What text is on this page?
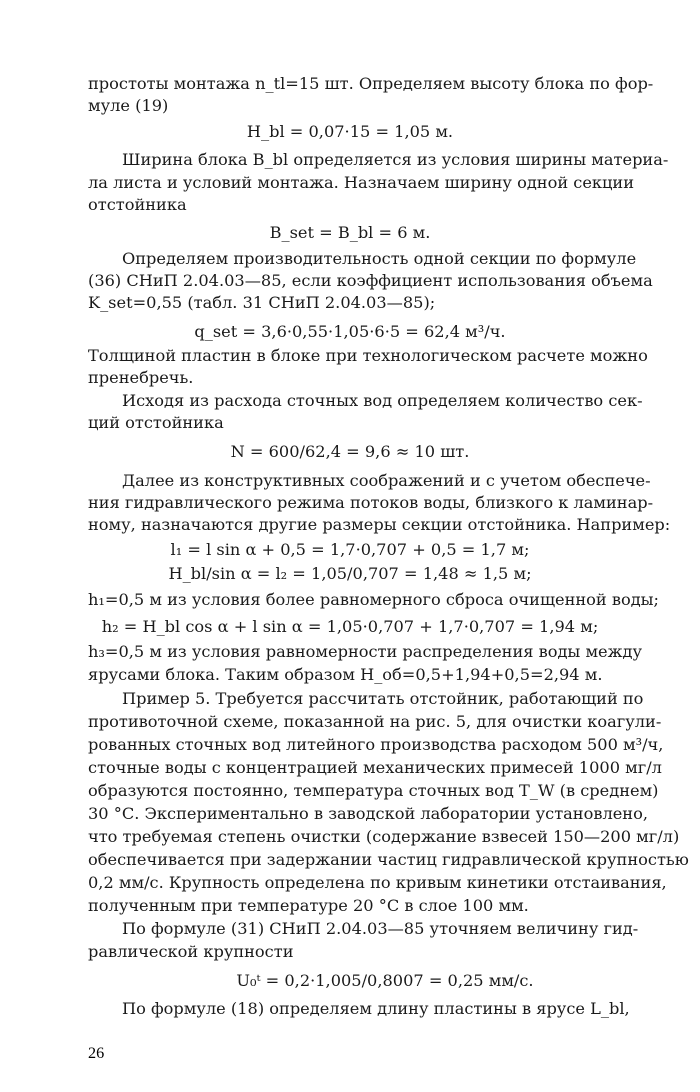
простоты монтажа n_tl=15 шт. Определяем высоту блока по фор-
муле (19)
H_bl = 0,07·15 = 1,05 м.
Ширина блока B_bl определяется из условия ширины материа-
ла листа и условий монтажа. Назначаем ширину одной секции
отстойника
B_set = B_bl = 6 м.
Определяем производительность одной секции по формуле
(36) СНиП 2.04.03—85, если коэффициент использования объема
K_set=0,55 (табл. 31 СНиП 2.04.03—85);
q_set = 3,6·0,55·1,05·6·5 = 62,4 м³/ч.
Толщиной пластин в блоке при технологическом расчете можно
пренебречь.
Исходя из расхода сточных вод определяем количество сек-
ций отстойника
N = 600/62,4 = 9,6 ≈ 10 шт.
Далее из конструктивных соображений и с учетом обеспече-
ния гидравлического режима потоков воды, близкого к ламинар-
ному, назначаются другие размеры секции отстойника. Например:
l₁ = l sin α + 0,5 = 1,7·0,707 + 0,5 = 1,7 м;
H_bl/sin α = l₂ = 1,05/0,707 = 1,48 ≈ 1,5 м;
h₁=0,5 м из условия более равномерного сброса очищенной воды;
h₂ = H_bl cos α + l sin α = 1,05·0,707 + 1,7·0,707 = 1,94 м;
h₃=0,5 м из условия равномерности распределения воды между
ярусами блока. Таким образом H_об=0,5+1,94+0,5=2,94 м.
Пример 5. Требуется рассчитать отстойник, работающий по
противоточной схеме, показанной на рис. 5, для очистки коагули-
рованных сточных вод литейного производства расходом 500 м³/ч,
сточные воды с концентрацией механических примесей 1000 мг/л
образуются постоянно, температура сточных вод T_W (в среднем)
30 °С. Экспериментально в заводской лаборатории установлено,
что требуемая степень очистки (содержание взвесей 150—200 мг/л)
обеспечивается при задержании частиц гидравлической крупностью
0,2 мм/с. Крупность определена по кривым кинетики отстаивания,
полученным при температуре 20 °С в слое 100 мм.
По формуле (31) СНиП 2.04.03—85 уточняем величину гид-
равлической крупности
U₀ᵗ = 0,2·1,005/0,8007 = 0,25 мм/с.
По формуле (18) определяем длину пластины в ярусе L_bl,
26
